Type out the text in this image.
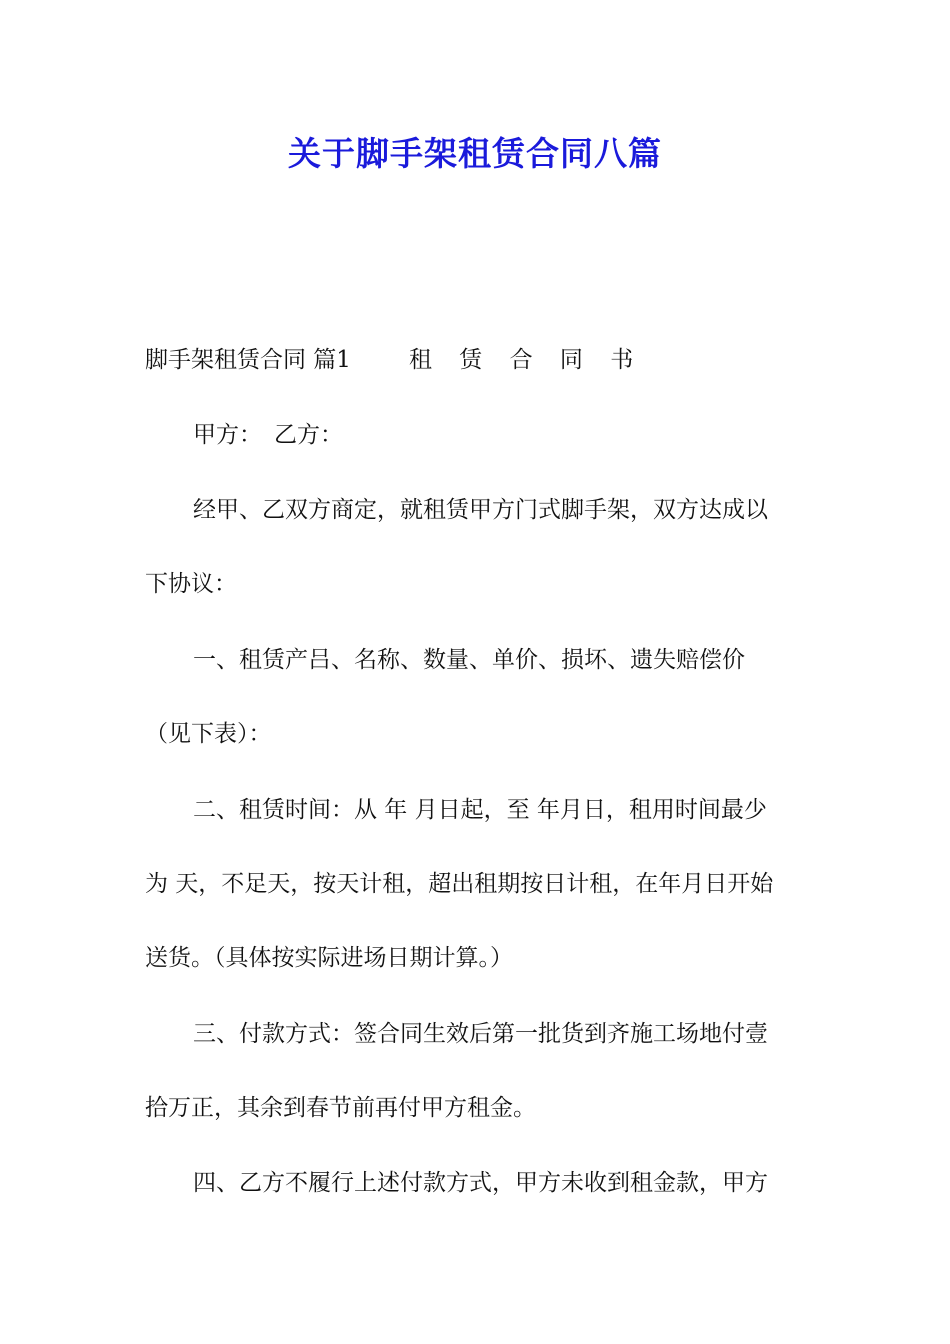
关于脚手架租赁合同八篇
脚手架租赁合同 篇1	租 赁 合 同 书
甲方： 乙方：
经甲、乙双方商定，就租赁甲方门式脚手架，双方达成以
下协议：
一、租赁产吕、名称、数量、单价、损坏、遗失赔偿价
（见下表）：
二、租赁时间：从 年 月日起，至 年月日，租用时间最少
为 天，不足天，按天计租，超出租期按日计租，在年月日开始
送货。（具体按实际进场日期计算。）
三、付款方式：签合同生效后第一批货到齐施工场地付壹
拾万正，其余到春节前再付甲方租金。
四、乙方不履行上述付款方式，甲方未收到租金款，甲方
